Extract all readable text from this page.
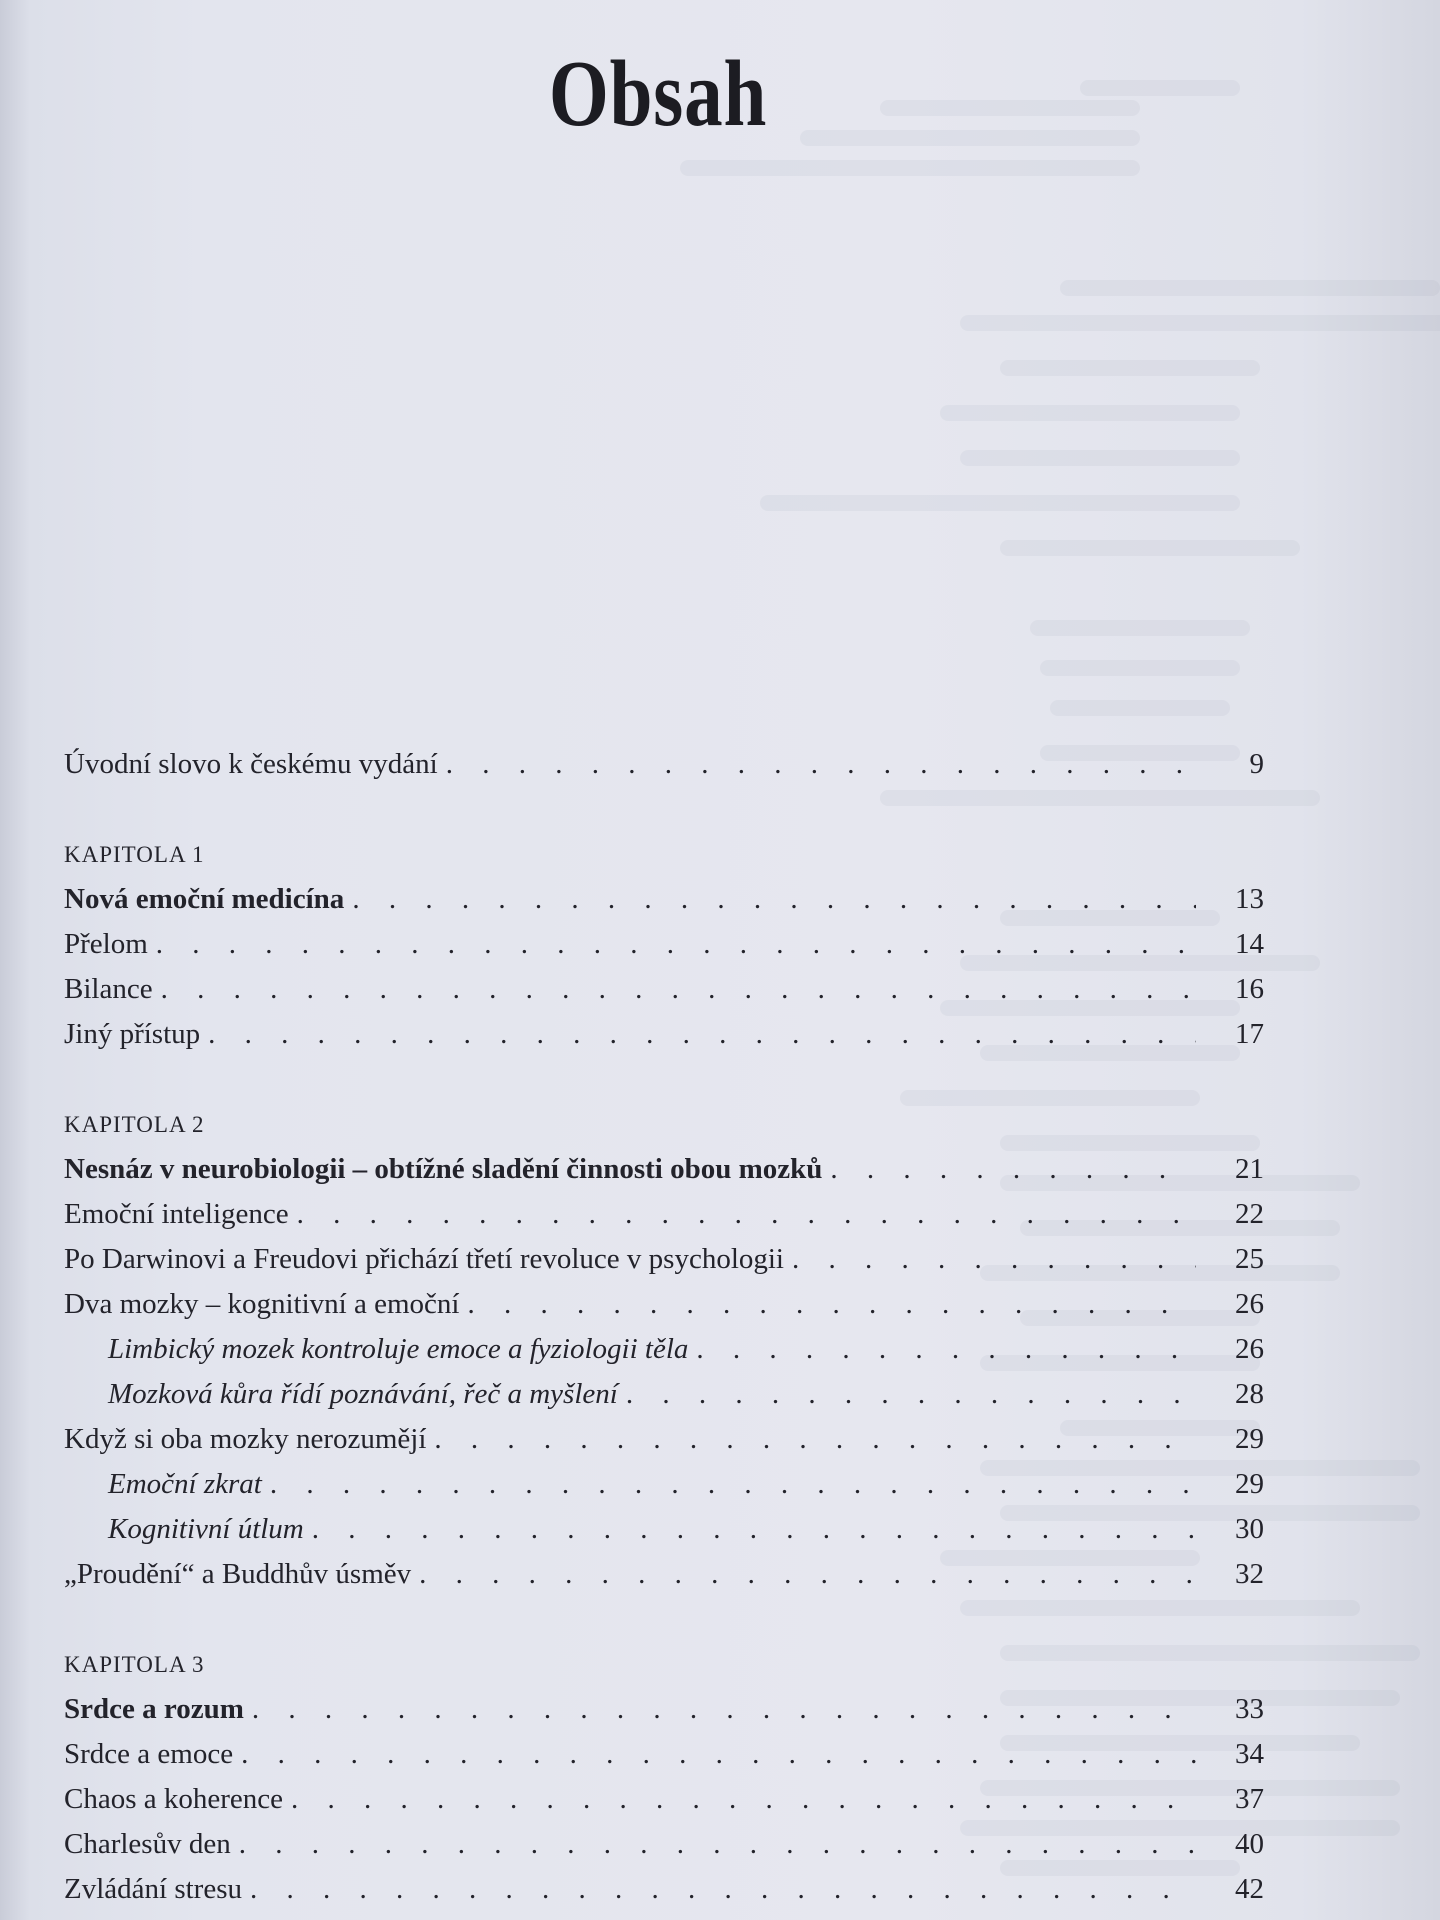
Obsah
Úvodní slovo k českému vydání . . .	9
KAPITOLA 1
Nová emoční medicína . . .	13
Přelom . . .	14
Bilance . . .	16
Jiný přístup . . .	17
KAPITOLA 2
Nesnáz v neurobiologii – obtížné sladění činnosti obou mozků . . .	21
Emoční inteligence . . .	22
Po Darwinovi a Freudovi přichází třetí revoluce v psychologii . . .	25
Dva mozky – kognitivní a emoční . . .	26
Limbický mozek kontroluje emoce a fyziologii těla . . .	26
Mozková kůra řídí poznávání, řeč a myšlení . . .	28
Když si oba mozky nerozumějí . . .	29
Emoční zkrat . . .	29
Kognitivní útlum . . .	30
„Proudění“ a Buddhův úsměv . . .	32
KAPITOLA 3
Srdce a rozum . . .	33
Srdce a emoce . . .	34
Chaos a koherence . . .	37
Charlesův den . . .	40
Zvládání stresu . . .	42
